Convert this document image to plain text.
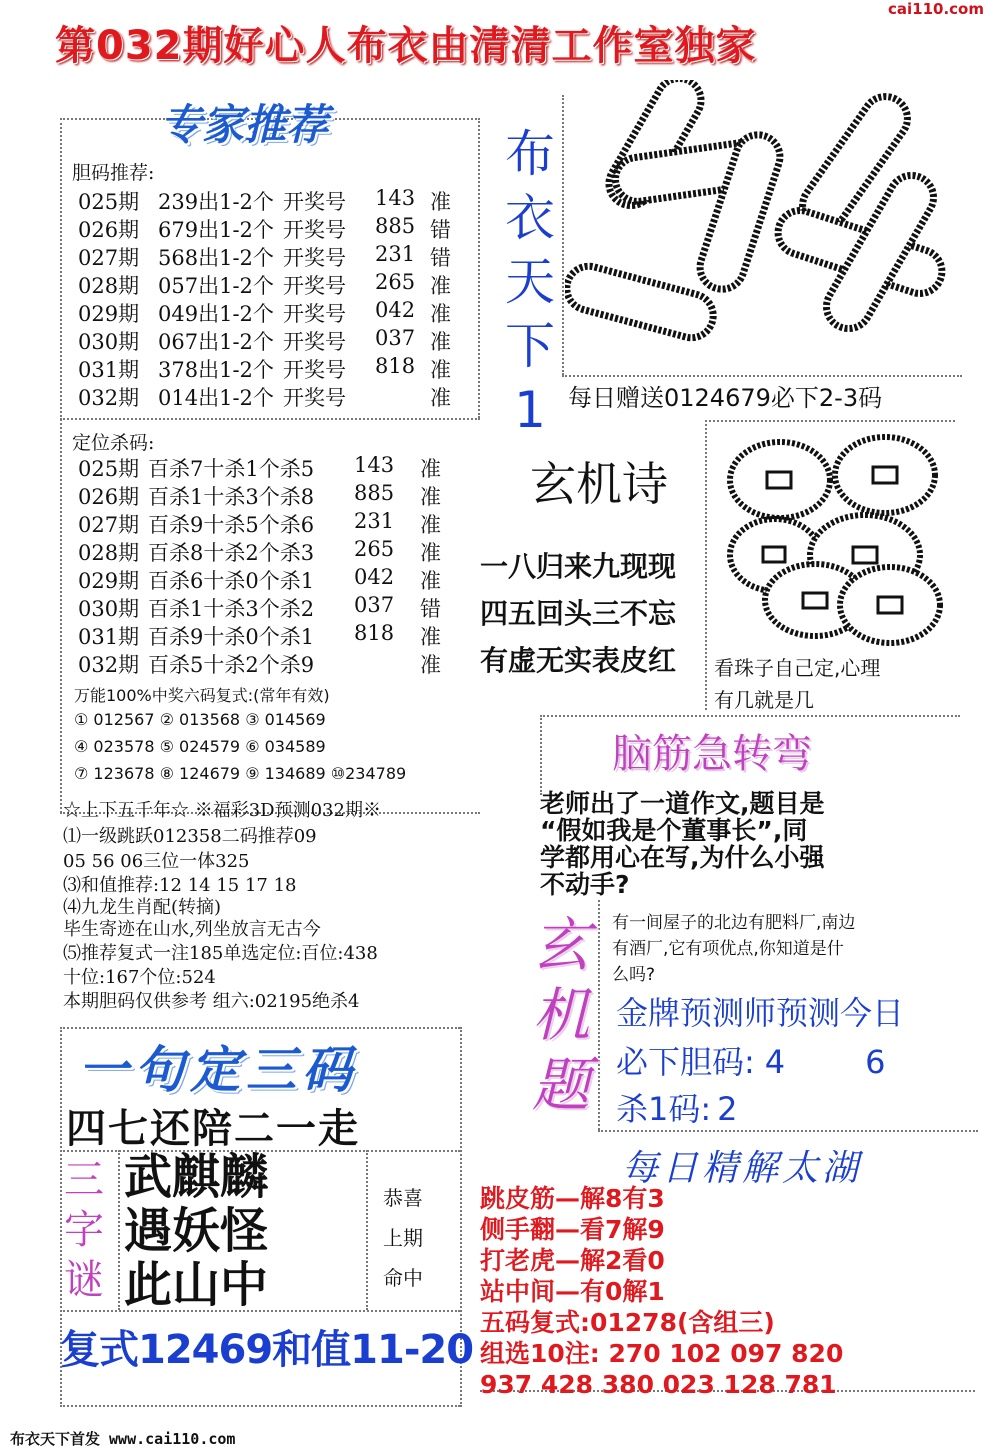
cai110.com
第032期好心人布衣由清清工作室独家
专家推荐
胆码推荐:
025期 239出1-2个 开奖号 143 准
026期 679出1-2个 开奖号 885 错
027期 568出1-2个 开奖号 231 错
028期 057出1-2个 开奖号 265 准
029期 049出1-2个 开奖号 042 准
030期 067出1-2个 开奖号 037 准
031期 378出1-2个 开奖号 818 准
032期 014出1-2个 开奖号	准
定位杀码:
025期 百杀7十杀1个杀5 143 准
026期 百杀1十杀3个杀8 885 准
027期 百杀9十杀5个杀6 231 准
028期 百杀8十杀2个杀3 265 准
029期 百杀6十杀0个杀1 042 准
030期 百杀1十杀3个杀2 037 错
031期 百杀9十杀0个杀1 818 准
032期 百杀5十杀2个杀9	准
万能100%中奖六码复式:(常年有效)
① 012567 ② 013568 ③ 014569
④ 023578 ⑤ 024579 ⑥ 034589
⑦ 123678 ⑧ 124679 ⑨ 134689 ⑩234789
☆上下五千年☆ ※福彩3D预测032期※
⑴一级跳跃012358二码推荐09
05 56 06三位一体325
⑶和值推荐:12 14 15 17 18
⑷九龙生肖配(转摘)
毕生寄迹在山水,列坐放言无古今
⑸推荐复式一注185单选定位:百位:438
十位:167个位:524
本期胆码仅供参考 组六:02195绝杀4
一句定三码
四七还陪二一走
三
字
谜
武麒麟
遇妖怪
此山中
恭喜
上期
命中
复式12469和值11-20
布
衣
天
下
1
54
每日赠送0124679必下2-3码
玄机诗
一八归来九现现
四五回头三不忘
有虚无实表皮红
98
看珠子自己定,心理
有几就是几
脑筋急转弯
老师出了一道作文,题目是
“假如我是个董事长”,同
学都用心在写,为什么小强
不动手?
玄
机
题
有一间屋子的北边有肥料厂,南边
有酒厂,它有项优点,你知道是什
么吗?
金牌预测师预测今日
必下胆码: 4	6
杀1码: 2
每日精解太湖
跳皮筋—解8有3
侧手翻—看7解9
打老虎—解2看0
站中间—有0解1
五码复式:01278(含组三)
组选10注: 270 102 097 820
937 428 380 023 128 781
布衣天下首发 www.cai110.com
